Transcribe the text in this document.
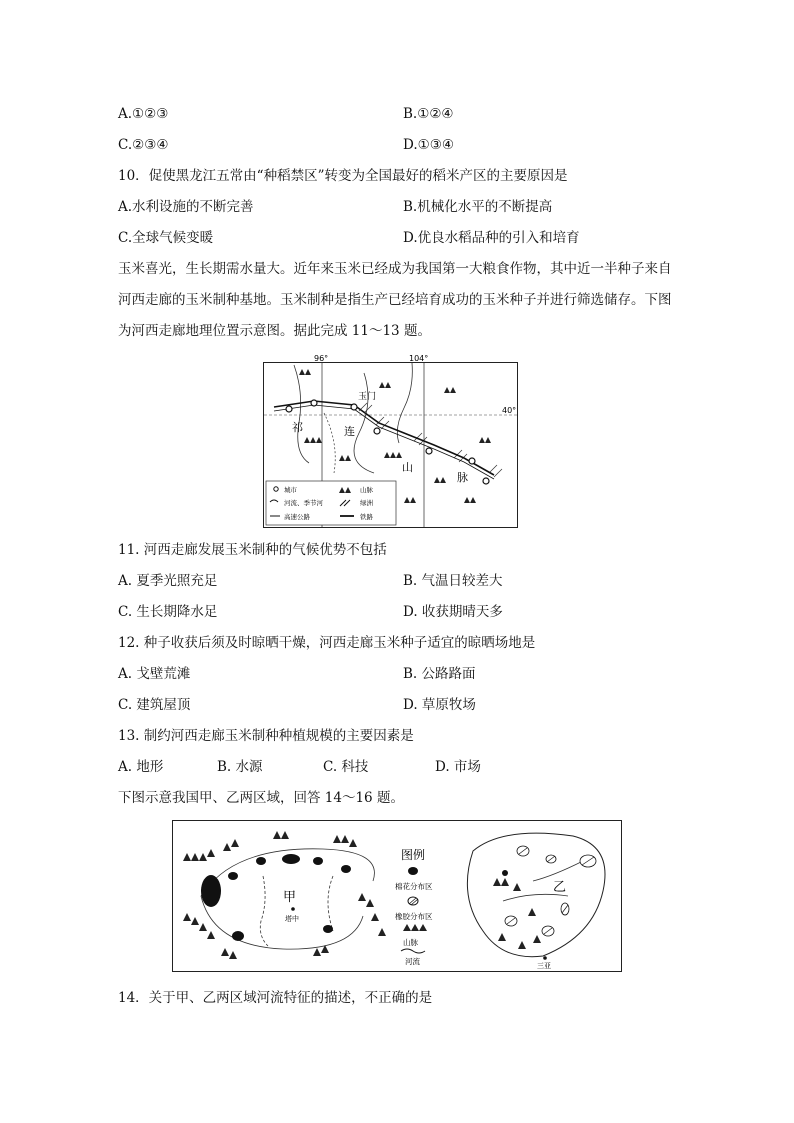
A.①②③	B.①②④
C.②③④	D.①③④
10．促使黑龙江五常由“种稻禁区”转变为全国最好的稻米产区的主要原因是
A.水利设施的不断完善	B.机械化水平的不断提高
C.全球气候变暖	D.优良水稻品种的引入和培育
玉米喜光，生长期需水量大。近年来玉米已经成为我国第一大粮食作物，其中近一半种子来自河西走廊的玉米制种基地。玉米制种是指生产已经培育成功的玉米种子并进行筛选储存。下图为河西走廊地理位置示意图。据此完成 11～13 题。
96°	104°
40°
玉门
祁	连
山
脉
城市
河流、季节河
高速公路
山脉
绿洲
铁路
11. 河西走廊发展玉米制种的气候优势不包括
A. 夏季光照充足	B. 气温日较差大
C. 生长期降水足	D. 收获期晴天多
12. 种子收获后须及时晾晒干燥，河西走廊玉米种子适宜的晾晒场地是
A. 戈壁荒滩	B. 公路路面
C. 建筑屋顶	D. 草原牧场
13. 制约河西走廊玉米制种种植规模的主要因素是
A. 地形	B. 水源	C. 科技	D. 市场
下图示意我国甲、乙两区域，回答 14～16 题。
甲
塔中
图例
棉花分布区
橡胶分布区
山脉
河流
乙
三亚
14．关于甲、乙两区域河流特征的描述，不正确的是
